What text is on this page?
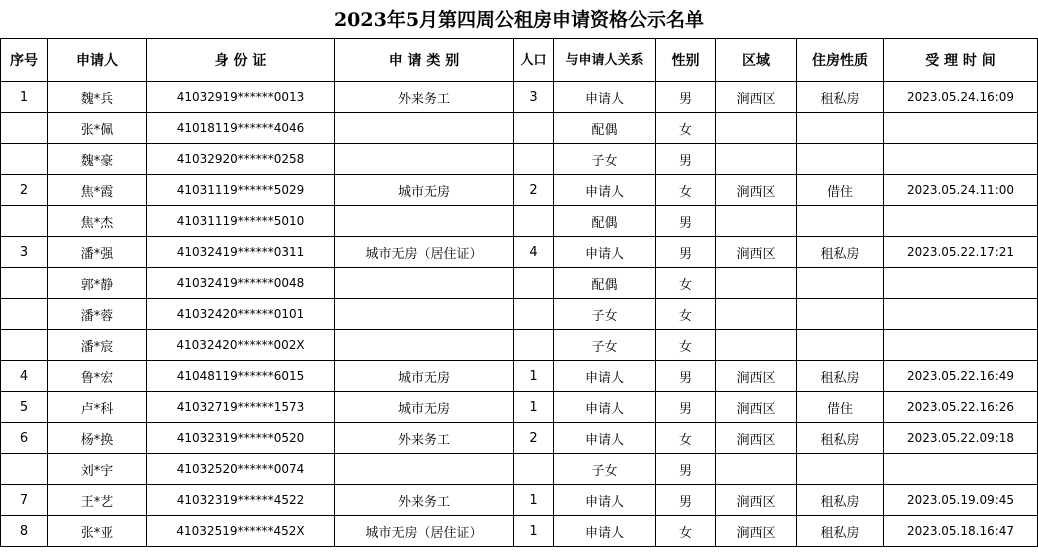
2023年5月第四周公租房申请资格公示名单
序号	申请人	身 份 证	申 请 类 别	人口	与申请人关系	性别	区域	住房性质	受 理 时 间
1	魏*兵	41032919******0013	外来务工	3	申请人	男	涧西区	租私房	2023.05.24.16:09
	张*佩	41018119******4046			配偶	女			
	魏*豪	41032920******0258			子女	男			
2	焦*霞	41031119******5029	城市无房	2	申请人	女	涧西区	借住	2023.05.24.11:00
	焦*杰	41031119******5010			配偶	男			
3	潘*强	41032419******0311	城市无房（居住证）	4	申请人	男	涧西区	租私房	2023.05.22.17:21
	郭*静	41032419******0048			配偶	女			
	潘*蓉	41032420******0101			子女	女			
	潘*宸	41032420******002X			子女	女			
4	鲁*宏	41048119******6015	城市无房	1	申请人	男	涧西区	租私房	2023.05.22.16:49
5	卢*科	41032719******1573	城市无房	1	申请人	男	涧西区	借住	2023.05.22.16:26
6	杨*换	41032319******0520	外来务工	2	申请人	女	涧西区	租私房	2023.05.22.09:18
	刘*宇	41032520******0074			子女	男			
7	王*艺	41032319******4522	外来务工	1	申请人	男	涧西区	租私房	2023.05.19.09:45
8	张*亚	41032519******452X	城市无房（居住证）	1	申请人	女	涧西区	租私房	2023.05.18.16:47
